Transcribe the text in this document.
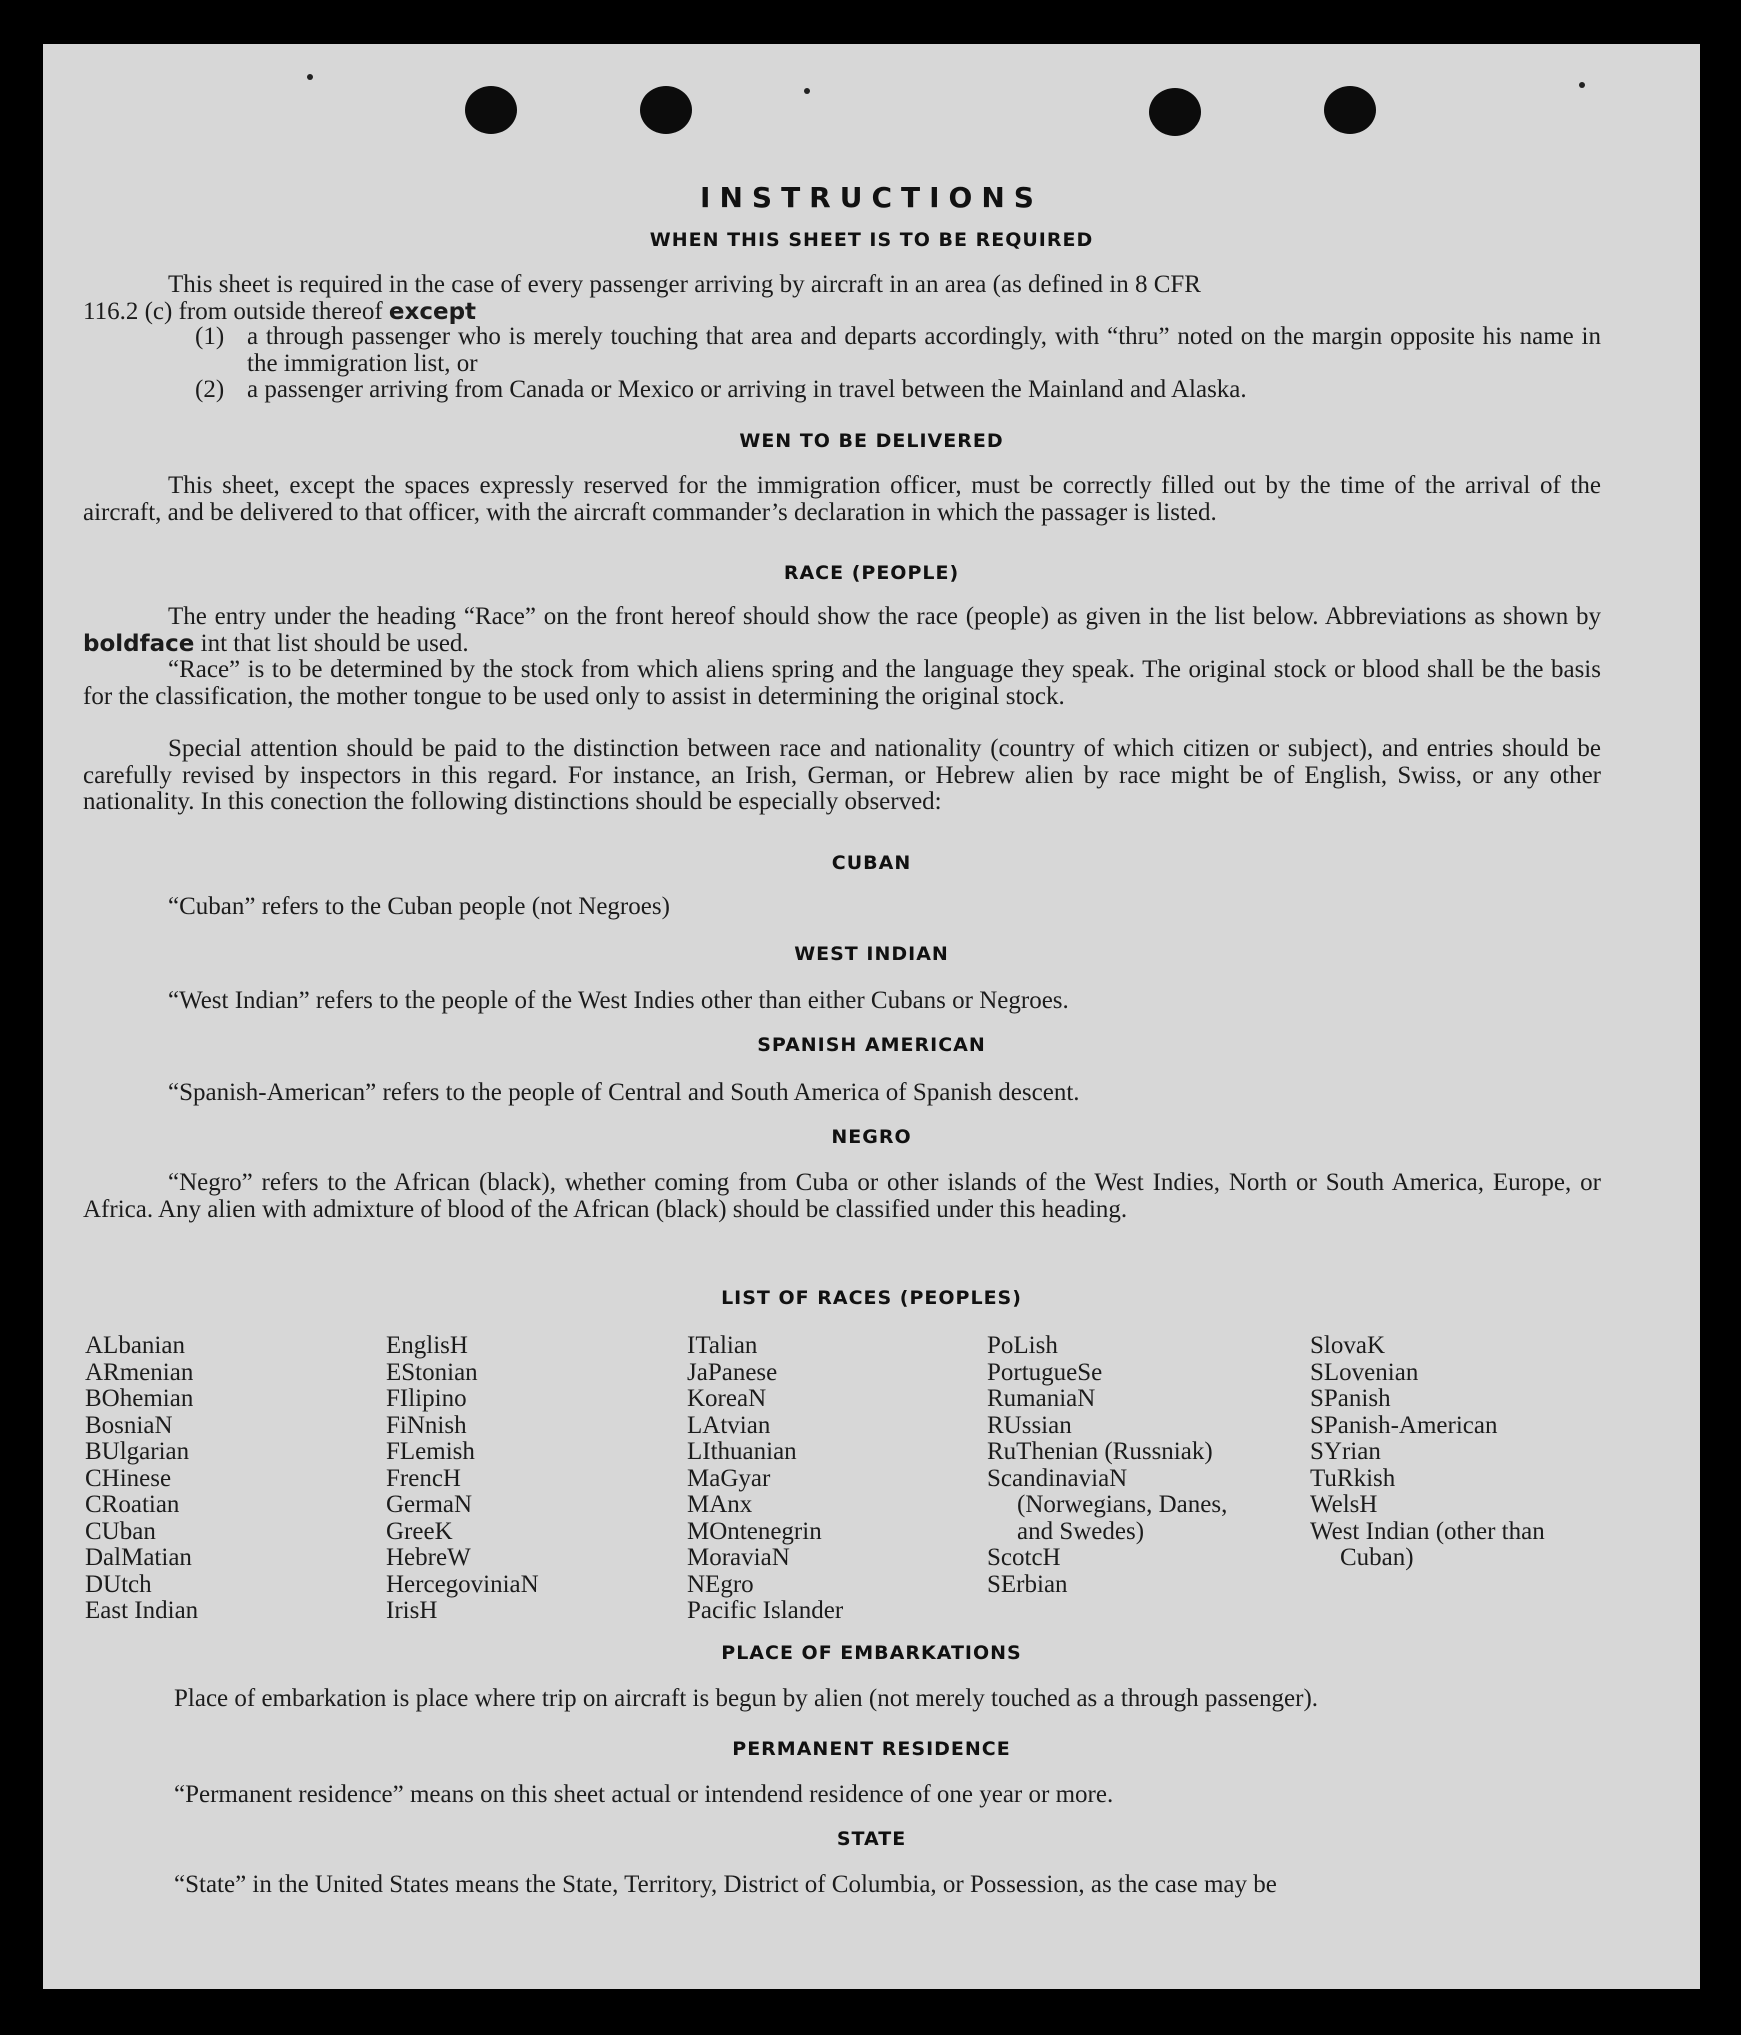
INSTRUCTIONS
WHEN THIS SHEET IS TO BE REQUIRED

This sheet is required in the case of every passenger arriving by aircraft in an area (as defined in 8 CFR

116.2 (c) from outside thereof except

(1) a through passenger who is merely touching that area and departs accordingly, with “thru” noted on the margin opposite his name in the immigration list, or

(2) a passenger arriving from Canada or Mexico or arriving in travel between the Mainland and Alaska.

WEN TO BE DELIVERED

This sheet, except the spaces expressly reserved for the immigration officer, must be correctly filled out by the time of the arrival of the aircraft, and be delivered to that officer, with the aircraft commander’s declaration in which the passager is listed.

RACE (PEOPLE)

The entry under the heading “Race” on the front hereof should show the race (people) as given in the list below. Abbreviations as shown by boldface int that list should be used.

“Race” is to be determined by the stock from which aliens spring and the language they speak. The original stock or blood shall be the basis for the classification, the mother tongue to be used only to assist in determining the original stock.

Special attention should be paid to the distinction between race and nationality (country of which citizen or subject), and entries should be carefully revised by inspectors in this regard. For instance, an Irish, German, or Hebrew alien by race might be of English, Swiss, or any other nationality. In this conection the following distinctions should be especially observed:

CUBAN

“Cuban” refers to the Cuban people (not Negroes)

WEST INDIAN

“West Indian” refers to the people of the West Indies other than either Cubans or Negroes.

SPANISH AMERICAN

“Spanish-American” refers to the people of Central and South America of Spanish descent.

NEGRO

“Negro” refers to the African (black), whether coming from Cuba or other islands of the West Indies, North or South America, Europe, or Africa. Any alien with admixture of blood of the African (black) should be classified under this heading.

LIST OF RACES (PEOPLES)
ALbanian
ARmenian
BOhemian
BosniaN
BUlgarian
CHinese
CRoatian
CUban
DalMatian
DUtch
East Indian
EnglisH
EStonian
FIlipino
FiNnish
FLemish
FrencH
GermaN
GreeK
HebreW
HercegoviniaN
IrisH
ITalian
JaPanese
KoreaN
LAtvian
LIthuanian
MaGyar
MAnx
MOntenegrin
MoraviaN
NEgro
Pacific Islander
PoLish
PortugueSe
RumaniaN
RUssian
RuThenian (Russniak)
ScandinaviaN (Norwegians, Danes, and Swedes)
ScotcH
SErbian
SlovaK
SLovenian
SPanish
SPanish-American
SYrian
TuRkish
WelsH
West Indian (other than Cuban)
PLACE OF EMBARKATIONS

Place of embarkation is place where trip on aircraft is begun by alien (not merely touched as a through passenger).

PERMANENT RESIDENCE

“Permanent residence” means on this sheet actual or intendend residence of one year or more.

STATE

“State” in the United States means the State, Territory, District of Columbia, or Possession, as the case may be
